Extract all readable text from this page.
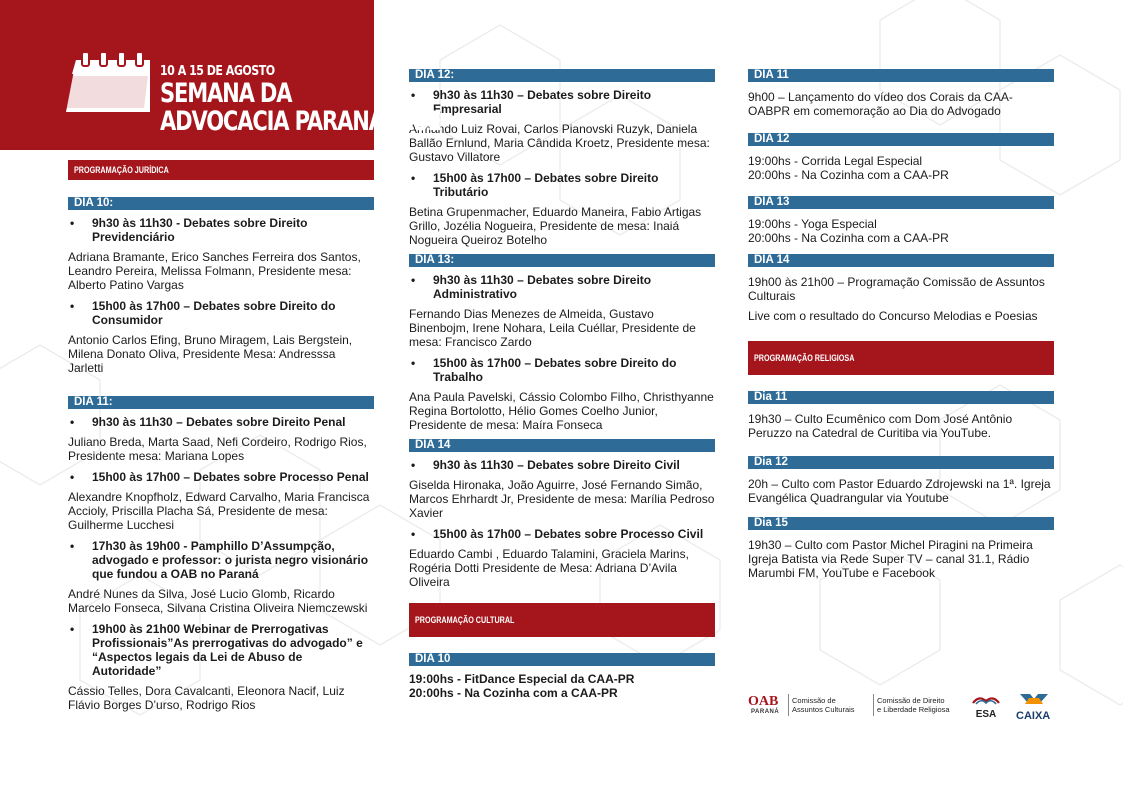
10 A 15 DE AGOSTO
SEMANA DA
ADVOCACIA PARANAENSE
PROGRAMAÇÃO JURÍDICA
DIA 10:
• 9h30 às 11h30 - Debates sobre Direito Previdenciário
Adriana Bramante, Erico Sanches Ferreira dos Santos, Leandro Pereira, Melissa Folmann, Presidente mesa: Alberto Patino Vargas
• 15h00 às 17h00 – Debates sobre Direito do Consumidor
Antonio Carlos Efing, Bruno Miragem, Lais Bergstein, Milena Donato Oliva, Presidente Mesa: Andresssa Jarletti
DIA 11:
• 9h30 às 11h30 – Debates sobre Direito Penal
Juliano Breda, Marta Saad, Nefi Cordeiro, Rodrigo Rios, Presidente mesa: Mariana Lopes
• 15h00 às 17h00 – Debates sobre Processo Penal
Alexandre Knopfholz, Edward Carvalho, Maria Francisca Accioly, Priscilla Placha Sá, Presidente de mesa: Guilherme Lucchesi
• 17h30 às 19h00 - Pamphillo D’Assumpção, advogado e professor: o jurista negro visionário que fundou a OAB no Paraná
André Nunes da Silva, José Lucio Glomb, Ricardo Marcelo Fonseca, Silvana Cristina Oliveira Niemczewski
• 19h00 às 21h00 Webinar de Prerrogativas Profissionais”As prerrogativas do advogado” e “Aspectos legais da Lei de Abuso de Autoridade”
Cássio Telles, Dora Cavalcanti, Eleonora Nacif, Luiz Flávio Borges D’urso, Rodrigo Rios
DIA 12:
• 9h30 às 11h30 – Debates sobre Direito Empresarial
Armando Luiz Rovai, Carlos Pianovski Ruzyk, Daniela Ballão Ernlund, Maria Cândida Kroetz, Presidente mesa: Gustavo Villatore
• 15h00 às 17h00 – Debates sobre Direito Tributário
Betina Grupenmacher, Eduardo Maneira, Fabio Artigas Grillo, Jozélia Nogueira, Presidente de mesa: Inaiá Nogueira Queiroz Botelho
DIA 13:
• 9h30 às 11h30 – Debates sobre Direito Administrativo
Fernando Dias Menezes de Almeida, Gustavo Binenbojm, Irene Nohara, Leila Cuéllar, Presidente de mesa: Francisco Zardo
• 15h00 às 17h00 – Debates sobre Direito do Trabalho
Ana Paula Pavelski, Cássio Colombo Filho, Christhyanne Regina Bortolotto, Hélio Gomes Coelho Junior, Presidente de mesa: Maíra Fonseca
DIA 14
• 9h30 às 11h30 – Debates sobre Direito Civil
Giselda Hironaka, João Aguirre, José Fernando Simão, Marcos Ehrhardt Jr, Presidente de mesa: Marília Pedroso Xavier
• 15h00 às 17h00 – Debates sobre Processo Civil
Eduardo Cambi , Eduardo Talamini, Graciela Marins, Rogéria Dotti Presidente de Mesa: Adriana D’Avila Oliveira
PROGRAMAÇÃO CULTURAL
DIA 10
19:00hs - FitDance Especial da CAA-PR
20:00hs - Na Cozinha com a CAA-PR
DIA 11
9h00 – Lançamento do vídeo dos Corais da CAA-OABPR em comemoração ao Dia do Advogado
DIA 12
19:00hs - Corrida Legal Especial
20:00hs - Na Cozinha com a CAA-PR
DIA 13
19:00hs - Yoga Especial
20:00hs - Na Cozinha com a CAA-PR
DIA 14
19h00 às 21h00 – Programação Comissão de Assuntos Culturais
Live com o resultado do Concurso Melodias e Poesias
PROGRAMAÇÃO RELIGIOSA
Dia 11
19h30 – Culto Ecumênico com Dom José Antônio Peruzzo na Catedral de Curitiba via YouTube.
Dia 12
20h – Culto com Pastor Eduardo Zdrojewski na 1ª. Igreja Evangélica Quadrangular via Youtube
Dia 15
19h30 – Culto com Pastor Michel Piragini na Primeira Igreja Batista via Rede Super TV – canal 31.1, Rádio Marumbi FM, YouTube e Facebook
OAB
PARANÁ
Comissão de
Assuntos Culturais
Comissão de Direito
e Liberdade Religiosa	ESA	CAIXA
